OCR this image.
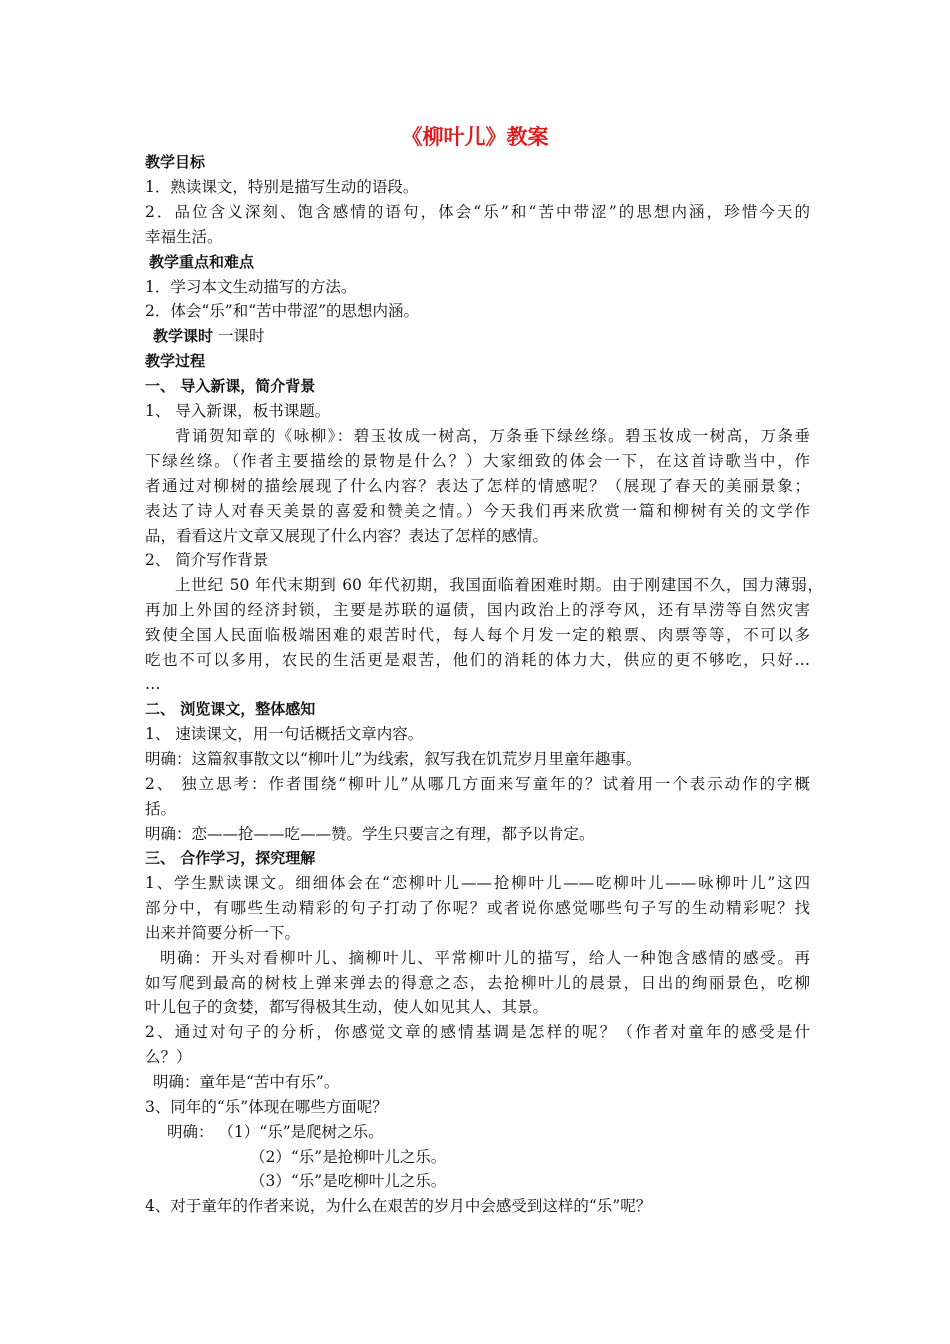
《柳叶儿》教案
教学目标
1．熟读课文，特别是描写生动的语段。
2．品位含义深刻、饱含感情的语句，体会“乐”和“苦中带涩”的思想内涵，珍惜今天的
幸福生活。
教学重点和难点
1．学习本文生动描写的方法。
2．体会“乐”和“苦中带涩”的思想内涵。
教学课时 一课时
教学过程
一、 导入新课，简介背景
1、 导入新课，板书课题。
背诵贺知章的《咏柳》：碧玉妆成一树高，万条垂下绿丝绦。碧玉妆成一树高，万条垂
下绿丝绦。（作者主要描绘的景物是什么？）大家细致的体会一下，在这首诗歌当中，作
者通过对柳树的描绘展现了什么内容？表达了怎样的情感呢？（展现了春天的美丽景象；
表达了诗人对春天美景的喜爱和赞美之情。）今天我们再来欣赏一篇和柳树有关的文学作
品，看看这片文章又展现了什么内容？表达了怎样的感情。
2、 简介写作背景
上世纪 50 年代末期到 60 年代初期，我国面临着困难时期。由于刚建国不久，国力薄弱，
再加上外国的经济封锁，主要是苏联的逼债，国内政治上的浮夸风，还有旱涝等自然灾害
致使全国人民面临极端困难的艰苦时代，每人每个月发一定的粮票、肉票等等，不可以多
吃也不可以多用，农民的生活更是艰苦，他们的消耗的体力大，供应的更不够吃，只好…
…
二、 浏览课文，整体感知
1、 速读课文，用一句话概括文章内容。
明确：这篇叙事散文以“柳叶儿”为线索，叙写我在饥荒岁月里童年趣事。
2、 独立思考：作者围绕“柳叶儿”从哪几方面来写童年的？试着用一个表示动作的字概
括。
明确：恋——抢——吃——赞。学生只要言之有理，都予以肯定。
三、 合作学习，探究理解
1、学生默读课文。细细体会在“恋柳叶儿——抢柳叶儿——吃柳叶儿——咏柳叶儿”这四
部分中，有哪些生动精彩的句子打动了你呢？或者说你感觉哪些句子写的生动精彩呢？找
出来并简要分析一下。
明确：开头对看柳叶儿、摘柳叶儿、平常柳叶儿的描写，给人一种饱含感情的感受。再
如写爬到最高的树枝上弹来弹去的得意之态，去抢柳叶儿的晨景，日出的绚丽景色，吃柳
叶儿包子的贪婪，都写得极其生动，使人如见其人、其景。
2、通过对句子的分析，你感觉文章的感情基调是怎样的呢？（作者对童年的感受是什
么？）
明确：童年是“苦中有乐”。
3、同年的“乐”体现在哪些方面呢？
明确： （1）“乐”是爬树之乐。
（2）“乐”是抢柳叶儿之乐。
（3）“乐”是吃柳叶儿之乐。
4、对于童年的作者来说，为什么在艰苦的岁月中会感受到这样的“乐”呢？
